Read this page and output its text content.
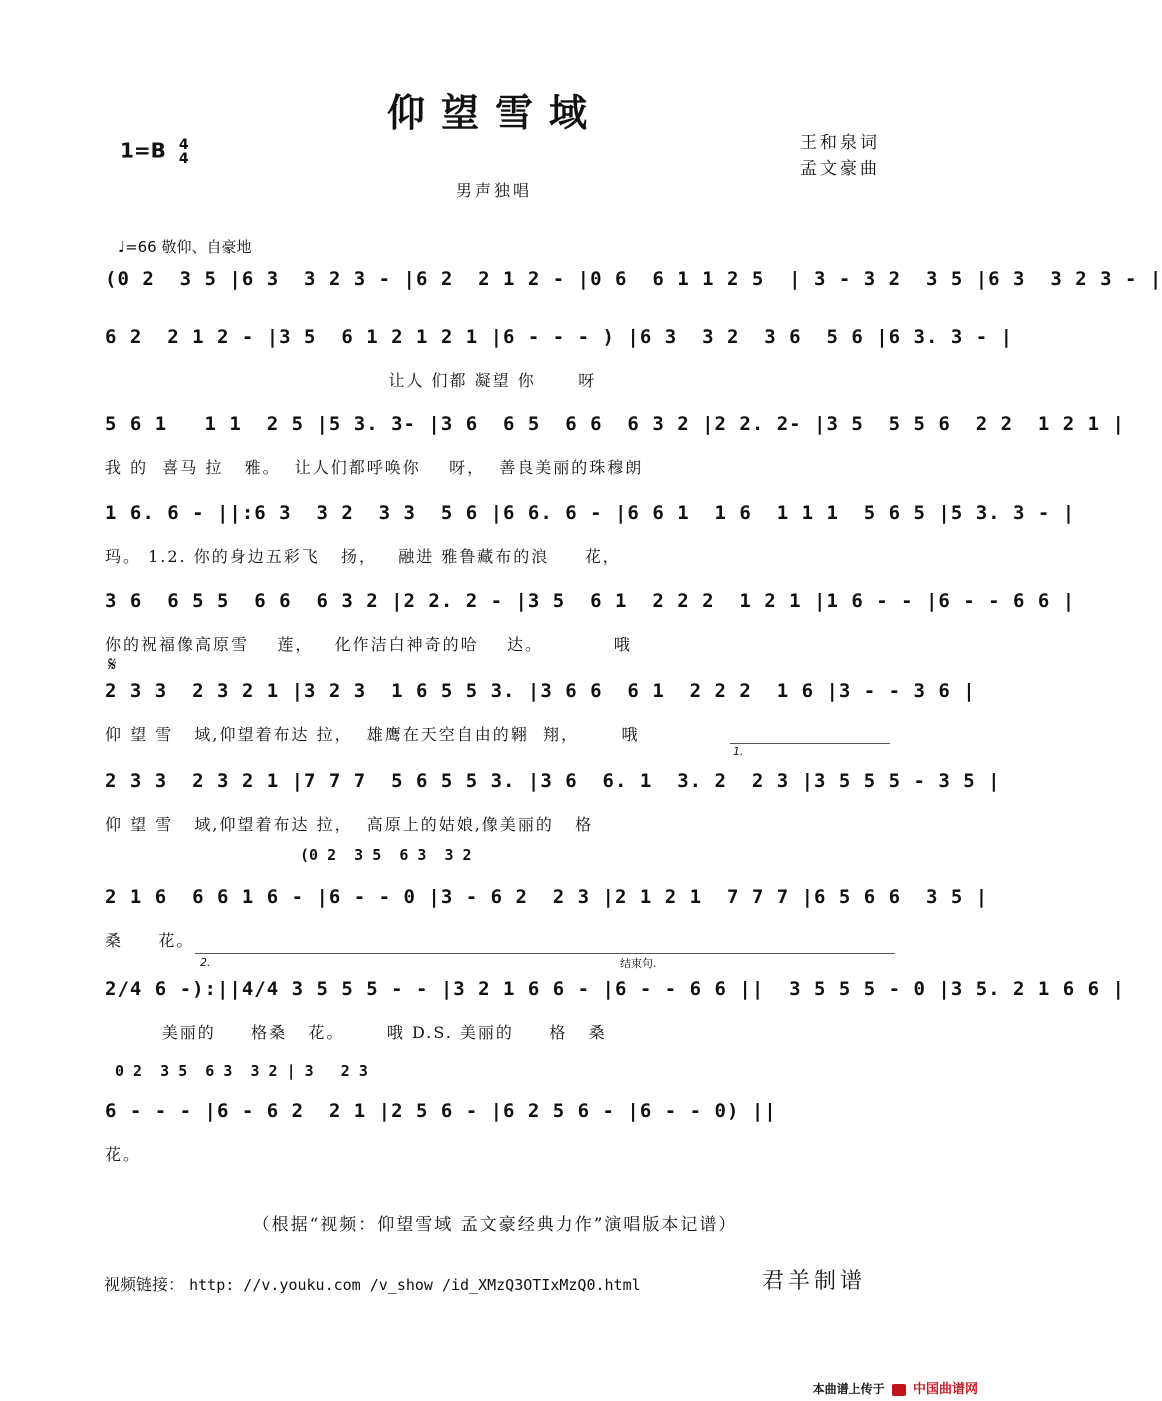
仰望雪域
1=B 4
4
王和泉词
孟文豪曲
男声独唱
♩=66 敬仰、自豪地
(0 2  3 5  6 3  3 2
0 2  3 5  6 3  3 2 | 3   2 3
1.
2.	结束句.
𝄋
(0 2  3 5 |6 3  3 2 3 - |6 2  2 1 2 - |0 6  6 1 1 2 5  | 3 - 3 2  3 5 |6 3  3 2 3 - |
6 2  2 1 2 - |3 5  6 1 2 1 2 1 |6 - - - ) |6 3  3 2  3 6  5 6 |6 3. 3 - |
让人 们都 凝望 你      呀
5 6 1   1 1  2 5 |5 3. 3- |3 6  6 5  6 6  6 3 2 |2 2. 2- |3 5  5 5 6  2 2  1 2 1 |
我 的  喜马 拉   雅。  让人们都呼唤你    呀，  善良美丽的珠穆朗
1 6. 6 - ||:6 3  3 2  3 3  5 6 |6 6. 6 - |6 6 1  1 6  1 1 1  5 6 5 |5 3. 3 - |
玛。 1.2. 你的身边五彩飞   扬，   融进 雅鲁藏布的浪     花，
3 6  6 5 5  6 6  6 3 2 |2 2. 2 - |3 5  6 1  2 2 2  1 2 1 |1 6 - - |6 - - 6 6 |
你的祝福像高原雪    莲，   化作洁白神奇的哈    达。          哦
2 3 3  2 3 2 1 |3 2 3  1 6 5 5 3. |3 6 6  6 1  2 2 2  1 6 |3 - - 3 6 |
仰 望 雪   域,仰望着布达 拉，  雄鹰在天空自由的翱  翔，      哦
2 3 3  2 3 2 1 |7 7 7  5 6 5 5 3. |3 6  6. 1  3. 2  2 3 |3 5 5 5 - 3 5 |
仰 望 雪   域,仰望着布达 拉，  高原上的姑娘,像美丽的   格
2 1 6  6 6 1 6 - |6 - - 0 |3 - 6 2  2 3 |2 1 2 1  7 7 7 |6 5 6 6  3 5 |
桑     花。
2/4 6 -):||4/4 3 5 5 5 - - |3 2 1 6 6 - |6 - - 6 6 ||  3 5 5 5 - 0 |3 5. 2 1 6 6 |
美丽的     格桑   花。      哦 D.S. 美丽的     格   桑
6 - - - |6 - 6 2  2 1 |2 5 6 - |6 2 5 6 - |6 - - 0) ||
花。
（根据“视频：仰望雪域 孟文豪经典力作”演唱版本记谱）
视频链接： http: //v.youku.com /v_show /id_XMzQ3OTIxMzQ0.html	君羊制谱
本曲谱上传于 中国曲谱网
